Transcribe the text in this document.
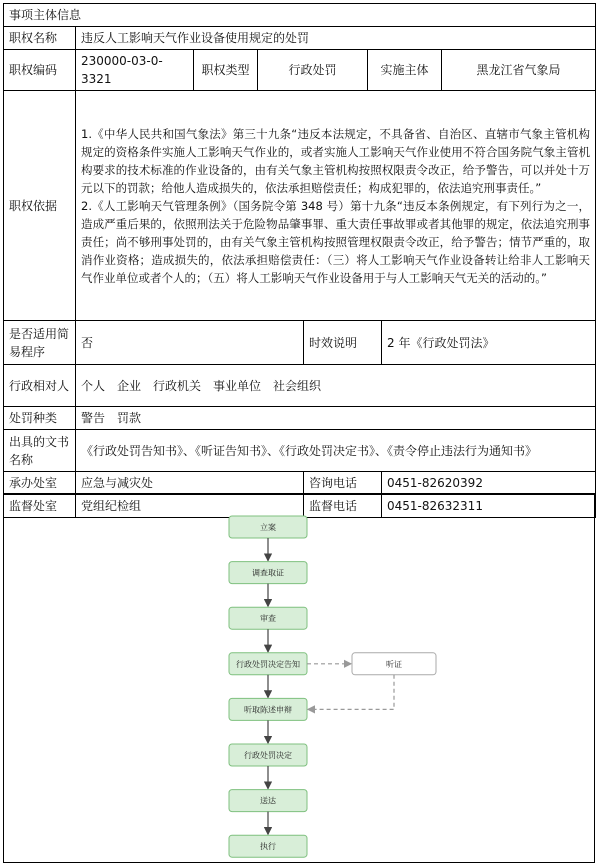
事项主体信息							
职权名称	违反人工影响天气作业设备使用规定的处罚						
职权编码	230000-03-0-3321	职权类型	行政处罚		实施主体		黑龙江省气象局
职权依据	1.《中华人民共和国气象法》第三十九条“违反本法规定，不具备省、自治区、直辖市气象主管机构规定的资格条件实施人工影响天气作业的，或者实施人工影响天气作业使用不符合国务院气象主管机构要求的技术标准的作业设备的，由有关气象主管机构按照权限责令改正，给予警告，可以并处十万元以下的罚款；给他人造成损失的，依法承担赔偿责任；构成犯罪的，依法追究刑事责任。”
2.《人工影响天气管理条例》（国务院令第 348 号）第十九条“违反本条例规定，有下列行为之一，造成严重后果的，依照刑法关于危险物品肇事罪、重大责任事故罪或者其他罪的规定，依法追究刑事责任；尚不够刑事处罚的，由有关气象主管机构按照管理权限责令改正，给予警告；情节严重的，取消作业资格；造成损失的，依法承担赔偿责任：（三）将人工影响天气作业设备转让给非人工影响天气作业单位或者个人的；（五）将人工影响天气作业设备用于与人工影响天气无关的活动的。”						

是否适用简易程序	否			时效说明		2 年《行政处罚法》	
行政相对人	个人　企业　行政机关　事业单位　社会组织						
处罚种类	警告　罚款						
出具的文书名称	《行政处罚告知书》、《听证告知书》、《行政处罚决定书》、《责令停止违法行为通知书》						
承办处室	应急与减灾处			咨询电话		0451-82620392	
监督处室	党组纪检组			监督电话		0451-82632311	
立案
调查取证
审查
行政处罚决定告知
听取陈述申辩
行政处罚决定
送达
执行
听证
